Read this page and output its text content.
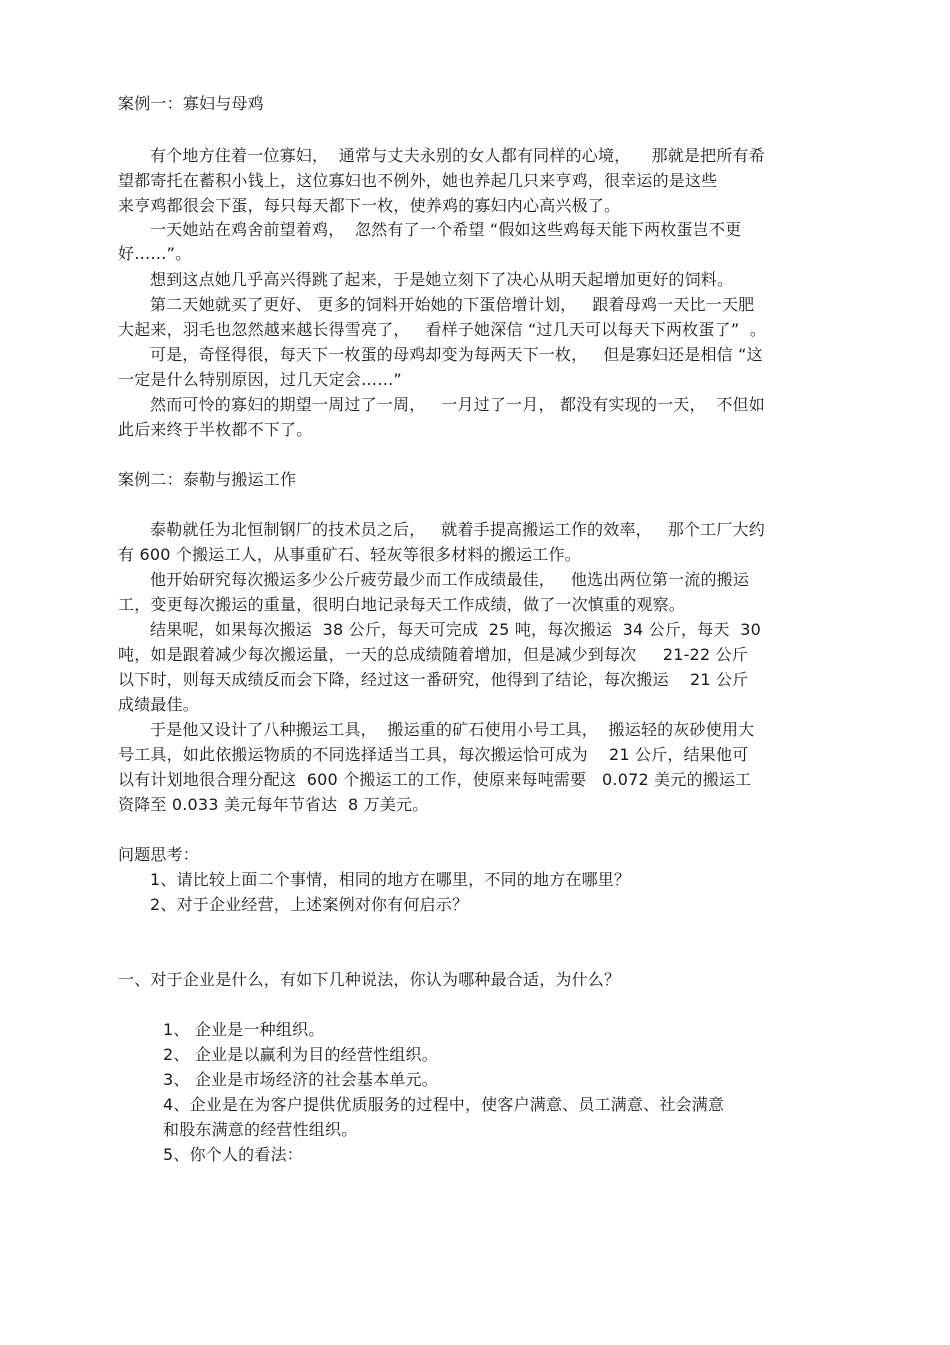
案例一：寡妇与母鸡
有个地方住着一位寡妇，  通常与丈夫永别的女人都有同样的心境，    那就是把所有希
望都寄托在蓄积小钱上，这位寡妇也不例外，她也养起几只来亨鸡，很幸运的是这些
来亨鸡都很会下蛋，每只每天都下一枚，使养鸡的寡妇内心高兴极了。
一天她站在鸡舍前望着鸡，  忽然有了一个希望 “假如这些鸡每天能下两枚蛋岂不更
好……”。
想到这点她几乎高兴得跳了起来，于是她立刻下了决心从明天起增加更好的饲料。
第二天她就买了更好、 更多的饲料开始她的下蛋倍增计划，   跟着母鸡一天比一天肥
大起来，羽毛也忽然越来越长得雪亮了，   看样子她深信 “过几天可以每天下两枚蛋了”  。
可是，奇怪得很，每天下一枚蛋的母鸡却变为每两天下一枚，   但是寡妇还是相信 “这
一定是什么特别原因，过几天定会……”
然而可怜的寡妇的期望一周过了一周，   一月过了一月， 都没有实现的一天，  不但如
此后来终于半枚都不下了。
案例二：泰勒与搬运工作
泰勒就任为北恒制钢厂的技术员之后，   就着手提高搬运工作的效率，   那个工厂大约
有 600 个搬运工人，从事重矿石、轻灰等很多材料的搬运工作。
他开始研究每次搬运多少公斤疲劳最少而工作成绩最佳，   他选出两位第一流的搬运
工，变更每次搬运的重量，很明白地记录每天工作成绩，做了一次慎重的观察。
结果呢，如果每次搬运  38 公斤，每天可完成  25 吨，每次搬运  34 公斤，每天  30
吨，如是跟着减少每次搬运量，一天的总成绩随着增加，但是减少到每次     21-22 公斤
以下时，则每天成绩反而会下降，经过这一番研究，他得到了结论，每次搬运    21 公斤
成绩最佳。
于是他又设计了八种搬运工具，  搬运重的矿石使用小号工具，  搬运轻的灰砂使用大
号工具，如此依搬运物质的不同选择适当工具，每次搬运恰可成为    21 公斤，结果他可
以有计划地很合理分配这  600 个搬运工的工作，使原来每吨需要   0.072 美元的搬运工
资降至 0.033 美元每年节省达  8 万美元。
问题思考：
1、请比较上面二个事情，相同的地方在哪里，不同的地方在哪里？
2、对于企业经营，上述案例对你有何启示？
一、对于企业是什么，有如下几种说法，你认为哪种最合适，为什么？
1、 企业是一种组织。
2、 企业是以赢利为目的经营性组织。
3、 企业是市场经济的社会基本单元。
4、企业是在为客户提供优质服务的过程中，使客户满意、员工满意、社会满意
和股东满意的经营性组织。
5、你个人的看法：
